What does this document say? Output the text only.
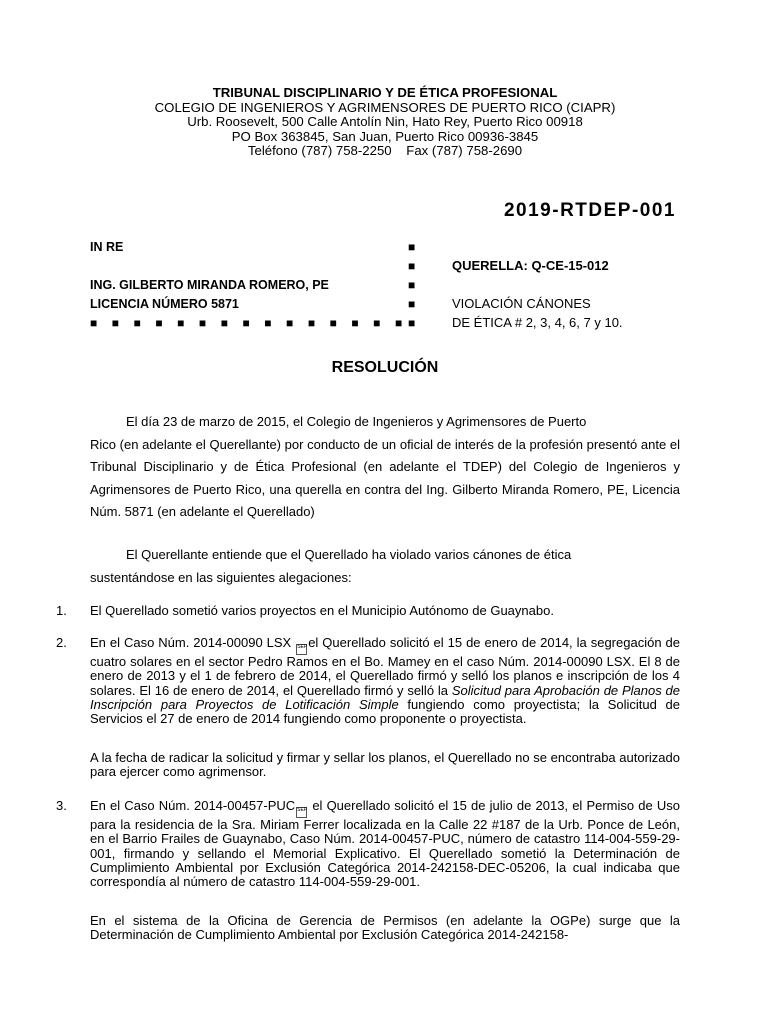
TRIBUNAL DISCIPLINARIO Y DE ÉTICA PROFESIONAL
COLEGIO DE INGENIEROS Y AGRIMENSORES DE PUERTO RICO (CIAPR)
Urb. Roosevelt, 500 Calle Antolín Nin, Hato Rey, Puerto Rico 00918
PO Box 363845, San Juan, Puerto Rico 00936-3845
Teléfono (787) 758-2250    Fax (787) 758-2690
2019-RTDEP-001
IN RE
ING. GILBERTO MIRANDA ROMERO, PE
LICENCIA NÚMERO 5871
■ ■ ■ ■ ■ ■ ■ ■ ■ ■ ■ ■ ■ ■ ■
■
■
■
■
■
QUERELLA: Q-CE-15-012
VIOLACIÓN CÁNONES
DE ÉTICA # 2, 3, 4, 6, 7 y 10.
RESOLUCIÓN
El día 23 de marzo de 2015, el Colegio de Ingenieros y Agrimensores de Puerto
Rico (en adelante el Querellante) por conducto de un oficial de interés de la profesión presentó ante el Tribunal Disciplinario y de Ética Profesional (en adelante el TDEP) del Colegio de Ingenieros y Agrimensores de Puerto Rico, una querella en contra del Ing. Gilberto Miranda Romero, PE, Licencia Núm. 5871 (en adelante el Querellado)
El Querellante entiende que el Querellado ha violado varios cánones de ética
sustentándose en las siguientes alegaciones:
1. El Querellado sometió varios proyectos en el Municipio Autónomo de Guaynabo.
2. En el Caso Núm. 2014-00090 LSX SEPel Querellado solicitó el 15 de enero de 2014, la segregación de cuatro solares en el sector Pedro Ramos en el Bo. Mamey en el caso Núm. 2014-00090 LSX. El 8 de enero de 2013 y el 1 de febrero de 2014, el Querellado firmó y selló los planos e inscripción de los 4 solares. El 16 de enero de 2014, el Querellado firmó y selló la Solicitud para Aprobación de Planos de Inscripción para Proyectos de Lotificación Simple fungiendo como proyectista; la Solicitud de Servicios el 27 de enero de 2014 fungiendo como proponente o proyectista.

A la fecha de radicar la solicitud y firmar y sellar los planos, el Querellado no se encontraba autorizado para ejercer como agrimensor.
3. En el Caso Núm. 2014-00457-PUC SEP el Querellado solicitó el 15 de julio de 2013, el Permiso de Uso para la residencia de la Sra. Miriam Ferrer localizada en la Calle 22 #187 de la Urb. Ponce de León, en el Barrio Frailes de Guaynabo, Caso Núm. 2014-00457-PUC, número de catastro 114-004-559-29-001, firmando y sellando el Memorial Explicativo. El Querellado sometió la Determinación de Cumplimiento Ambiental por Exclusión Categórica 2014-242158-DEC-05206, la cual indicaba que correspondía al número de catastro 114-004-559-29-001.

En el sistema de la Oficina de Gerencia de Permisos (en adelante la OGPe) surge que la Determinación de Cumplimiento Ambiental por Exclusión Categórica 2014-242158-
